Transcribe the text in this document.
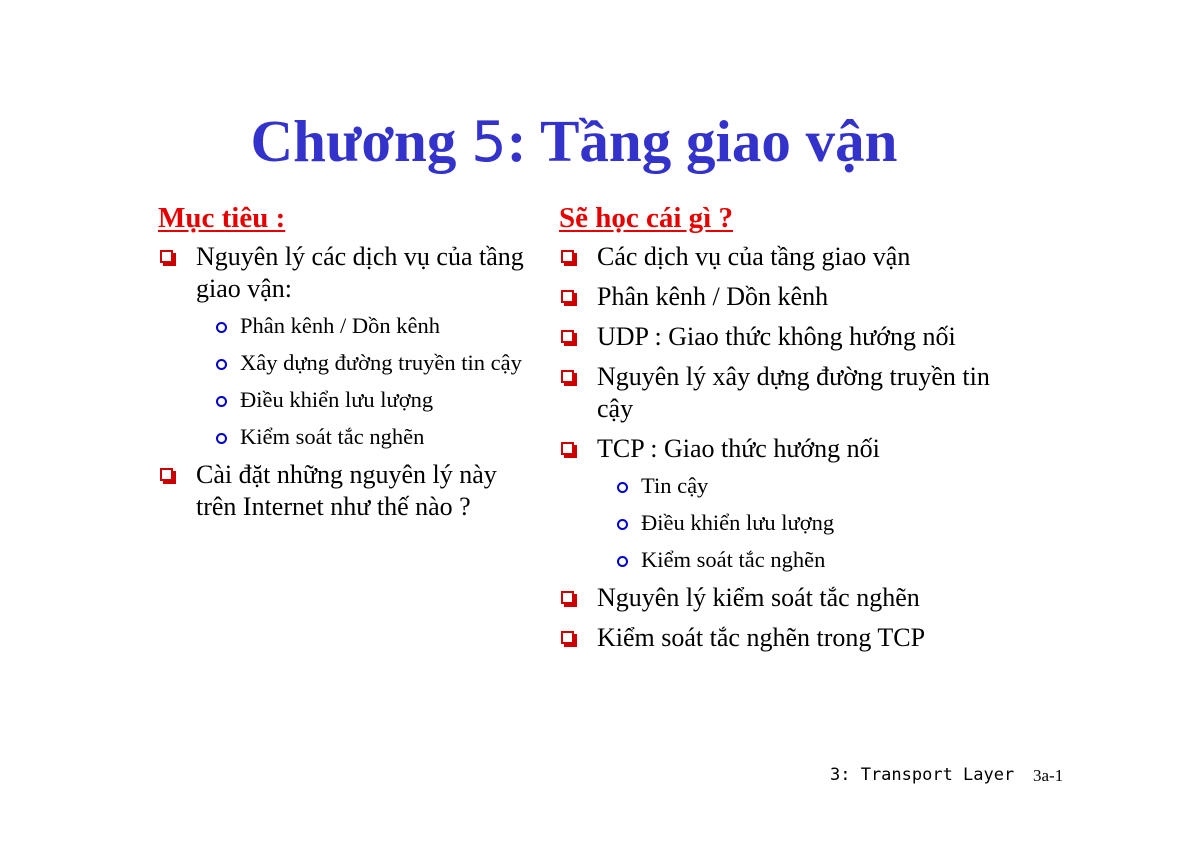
Chương 5: Tầng giao vận
Mục tiêu :
Nguyên lý các dịch vụ của tầng giao vận:
Phân kênh / Dồn kênh
Xây dựng đường truyền tin cậy
Điều khiển lưu lượng
Kiểm soát tắc nghẽn
Cài đặt những nguyên lý này trên Internet như thế nào ?
Sẽ học cái gì ?
Các dịch vụ của tầng giao vận
Phân kênh / Dồn kênh
UDP : Giao thức không hướng nối
Nguyên lý xây dựng đường truyền tin cậy
TCP : Giao thức hướng nối
Tin cậy
Điều khiển lưu lượng
Kiểm soát tắc nghẽn
Nguyên lý kiểm soát tắc nghẽn
Kiểm soát tắc nghẽn trong TCP
3: Transport Layer 3a-1
